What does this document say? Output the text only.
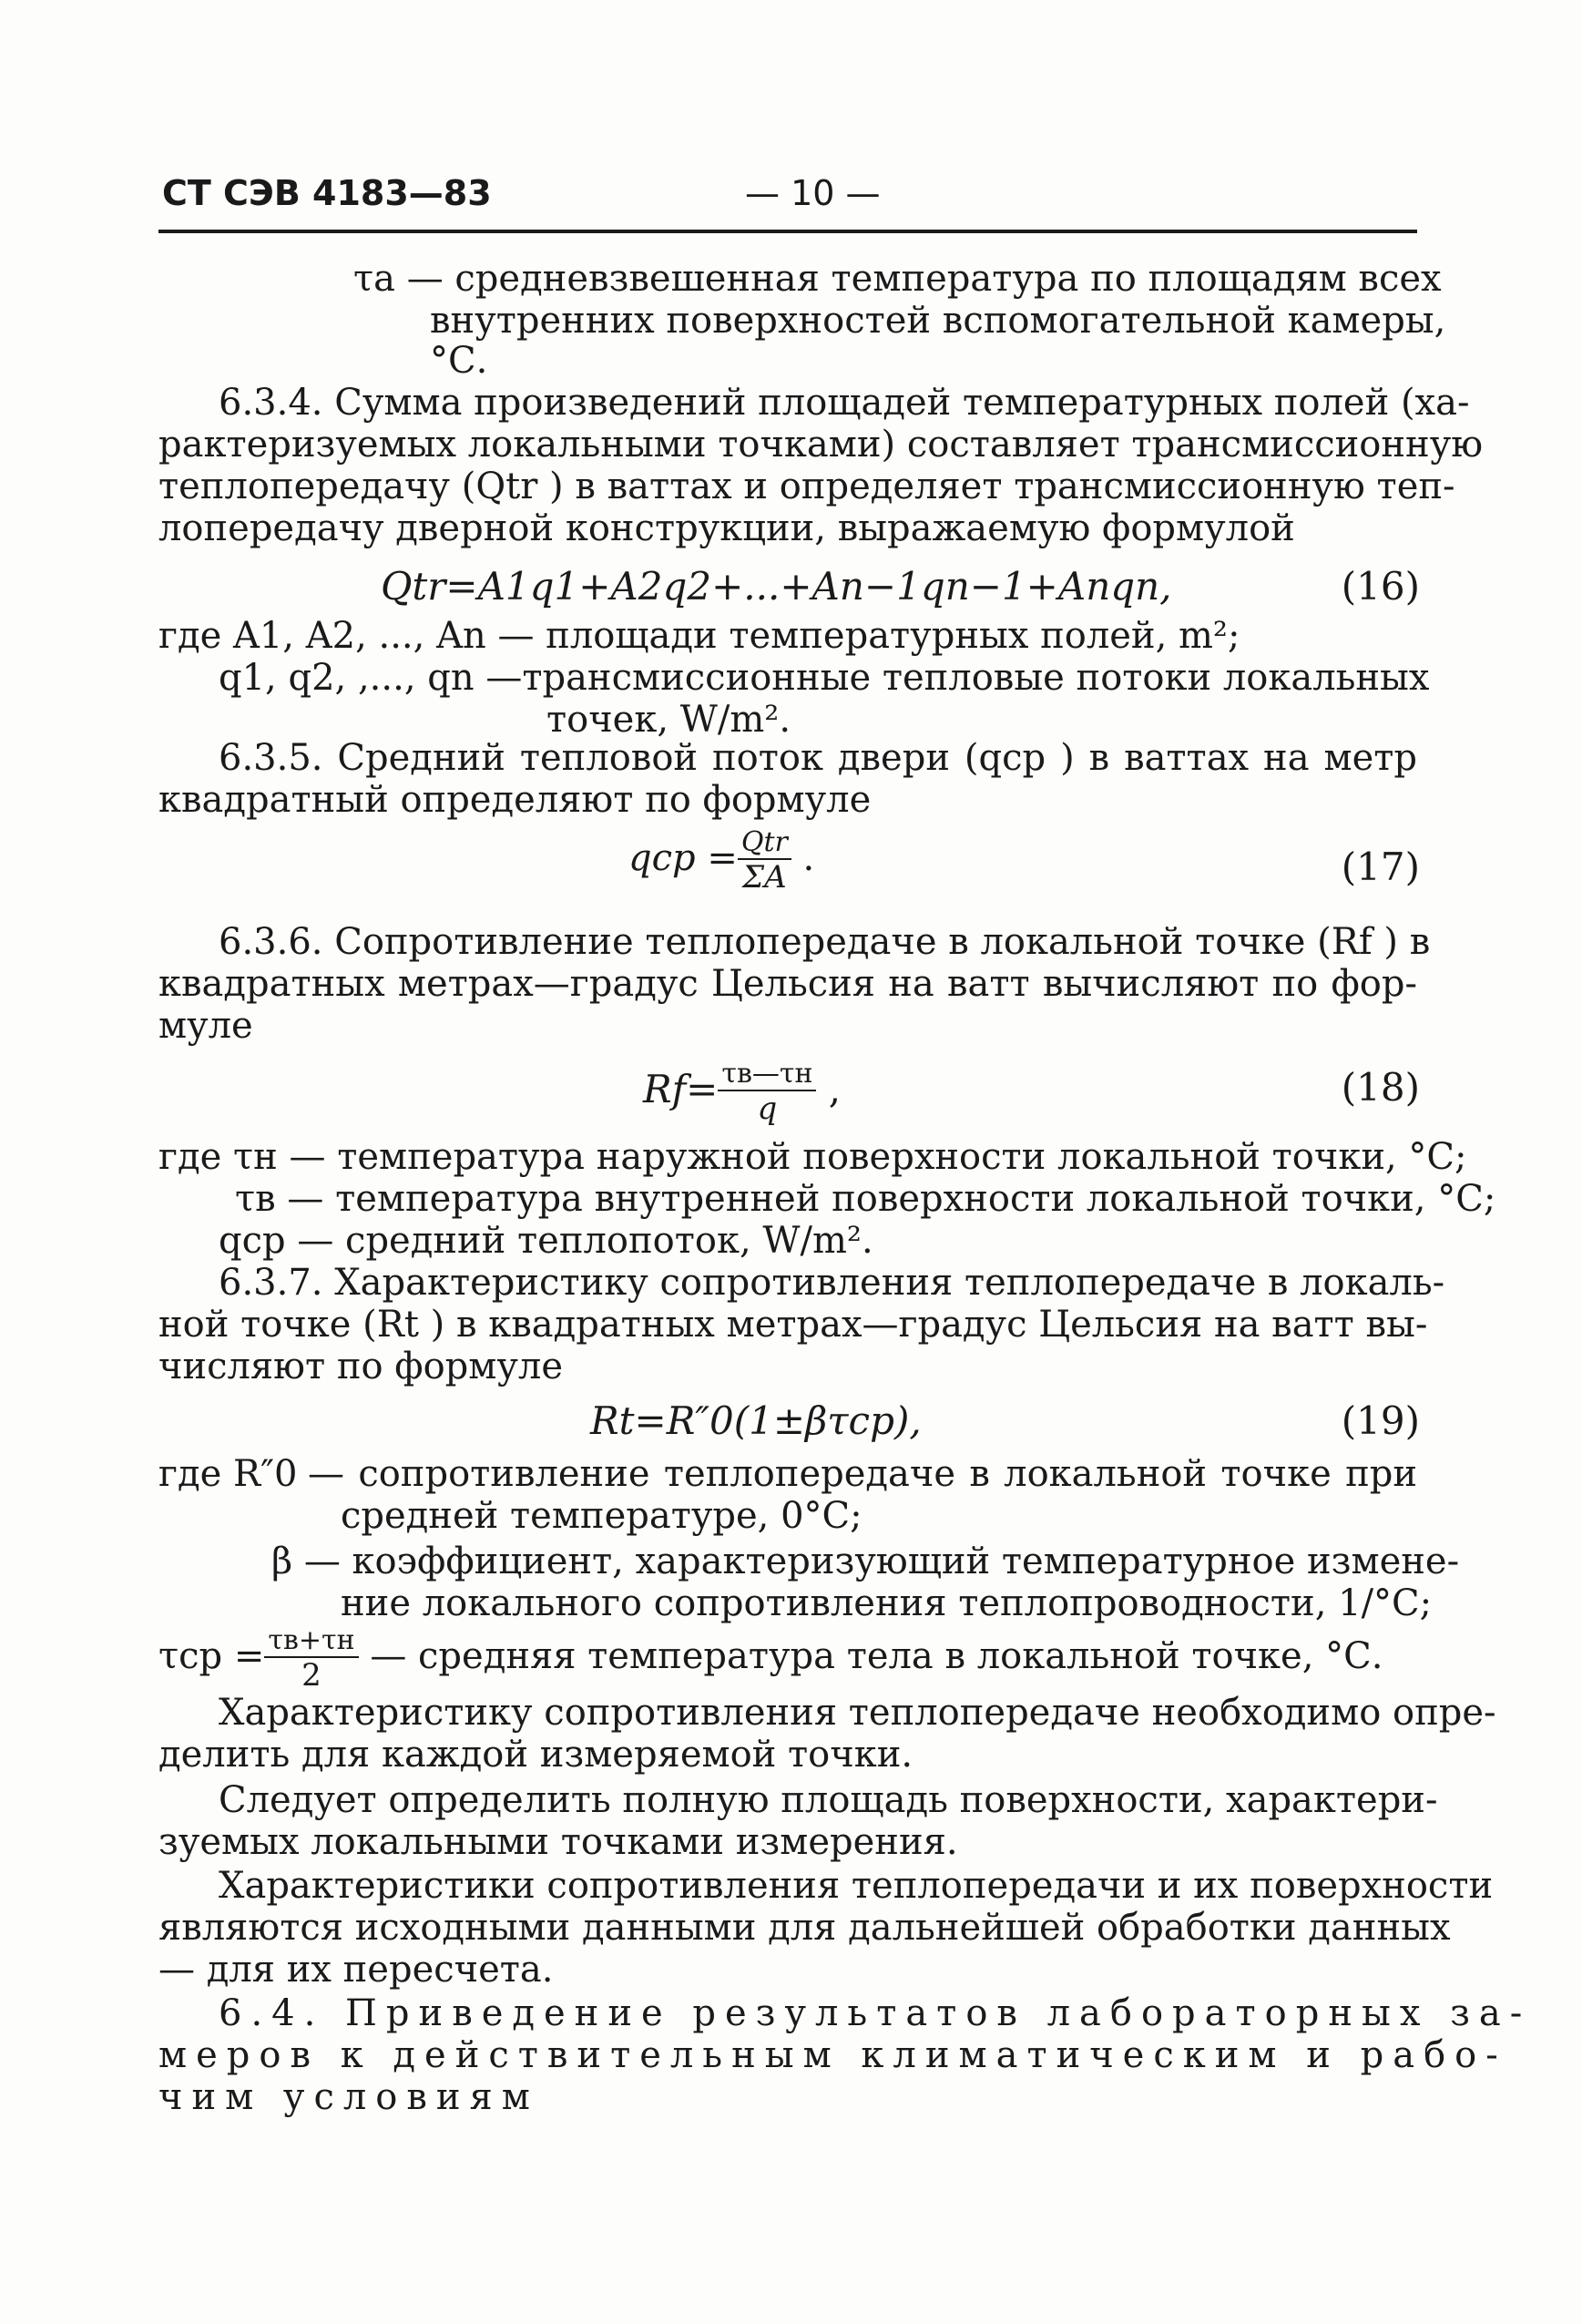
СТ СЭВ 4183—83	— 10 —
τa — средневзвешенная температура по площадям всех
внутренних поверхностей вспомогательной камеры,
°С.
6.3.4. Сумма произведений площадей температурных полей (ха-
рактеризуемых локальными точками) составляет трансмиссионную
теплопередачу (Qtr ) в ваттах и определяет трансмиссионную теп-
лопередачу дверной конструкции, выражаемую формулой
Qtr=A1q1+A2q2+...+An−1qn−1+Anqn,	(16)
где A1, A2, ..., An — площади температурных полей, m²;
q1, q2, ,..., qn —трансмиссионные тепловые потоки локальных
точек, W/m².
6.3.5. Средний тепловой поток двери (qср ) в ваттах на метр
квадратный определяют по формуле
qср = $\frac{\text{Qtr}}{\Sigma A}$ .	(17)
6.3.6. Сопротивление теплопередаче в локальной точке (Rf ) в
квадратных метрах—градус Цельсия на ватт вычисляют по фор-
муле
$Rf= \frac{\tau в—\tau н}{q}$ ,	(18)
где τн — температура наружной поверхности локальной точки, °С;
τв — температура внутренней поверхности локальной точки, °С;
qср — средний теплопоток, W/m².
6.3.7. Характеристику сопротивления теплопередаче в локаль-
ной точке (Rt ) в квадратных метрах—градус Цельсия на ватт вы-
числяют по формуле
Rt=R″0(1±βτср),	(19)
где R″0 — сопротивление теплопередаче в локальной точке при
средней температуре, 0°С;
β — коэффициент, характеризующий температурное измене-
ние локального сопротивления теплопроводности, 1/°С;
$\tau ср = \frac{\tau в+\tau н}{2}$ — средняя температура тела в локальной точке, °С.
Характеристику сопротивления теплопередаче необходимо опре-
делить для каждой измеряемой точки.
Следует определить полную площадь поверхности, характери-
зуемых локальными точками измерения.
Характеристики сопротивления теплопередачи и их поверхности
являются исходными данными для дальнейшей обработки данных
— для их пересчета.
6.4. Приведение результатов лабораторных за-
меров к действительным климатическим и рабо-
чим условиям
